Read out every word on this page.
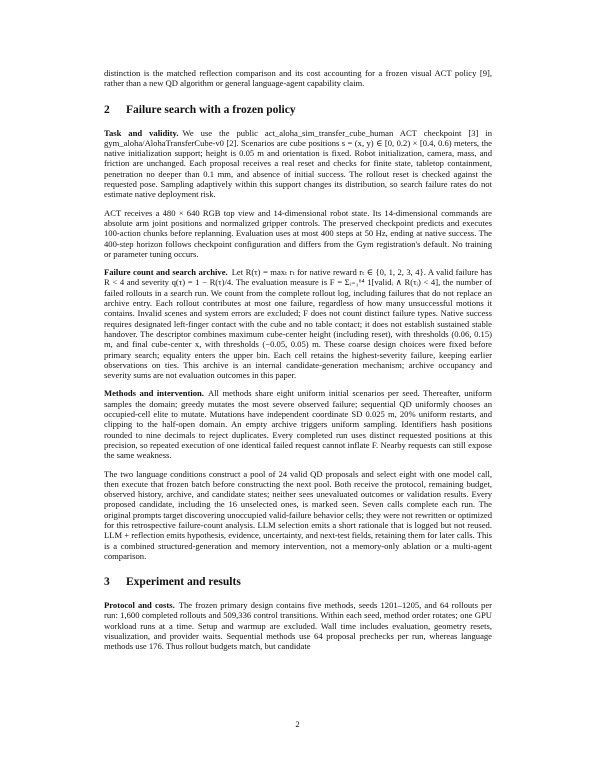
distinction is the matched reflection comparison and its cost accounting for a frozen visual ACT policy [9], rather than a new QD algorithm or general language-agent capability claim.

2 Failure search with a frozen policy

Task and validity. We use the public act_aloha_sim_transfer_cube_human ACT checkpoint [3] in gym_aloha/AlohaTransferCube-v0 [2]. Scenarios are cube positions s = (x, y) ∈ [0, 0.2) × [0.4, 0.6) meters, the native initialization support; height is 0.05 m and orientation is fixed. Robot initialization, camera, mass, and friction are unchanged. Each proposal receives a real reset and checks for finite state, tabletop containment, penetration no deeper than 0.1 mm, and absence of initial success. The rollout reset is checked against the requested pose. Sampling adaptively within this support changes its distribution, so search failure rates do not estimate native deployment risk.

ACT receives a 480 × 640 RGB top view and 14-dimensional robot state. Its 14-dimensional commands are absolute arm joint positions and normalized gripper controls. The preserved checkpoint predicts and executes 100-action chunks before replanning. Evaluation uses at most 400 steps at 50 Hz, ending at native success. The 400-step horizon follows checkpoint configuration and differs from the Gym registration's default. No training or parameter tuning occurs.

Failure count and search archive. Let R(τ) = maxₜ rₜ for native reward rₜ ∈ {0, 1, 2, 3, 4}. A valid failure has R < 4 and severity q(τ) = 1 − R(τ)/4. The evaluation measure is F = Σᵢ₌₁⁶⁴ 1[validᵢ ∧ R(τᵢ) < 4], the number of failed rollouts in a search run. We count from the complete rollout log, including failures that do not replace an archive entry. Each rollout contributes at most one failure, regardless of how many unsuccessful motions it contains. Invalid scenes and system errors are excluded; F does not count distinct failure types. Native success requires designated left-finger contact with the cube and no table contact; it does not establish sustained stable handover. The descriptor combines maximum cube-center height (including reset), with thresholds (0.06, 0.15) m, and final cube-center x, with thresholds (−0.05, 0.05) m. These coarse design choices were fixed before primary search; equality enters the upper bin. Each cell retains the highest-severity failure, keeping earlier observations on ties. This archive is an internal candidate-generation mechanism; archive occupancy and severity sums are not evaluation outcomes in this paper.

Methods and intervention. All methods share eight uniform initial scenarios per seed. Thereafter, uniform samples the domain; greedy mutates the most severe observed failure; sequential QD uniformly chooses an occupied-cell elite to mutate. Mutations have independent coordinate SD 0.025 m, 20% uniform restarts, and clipping to the half-open domain. An empty archive triggers uniform sampling. Identifiers hash positions rounded to nine decimals to reject duplicates. Every completed run uses distinct requested positions at this precision, so repeated execution of one identical failed request cannot inflate F. Nearby requests can still expose the same weakness.

The two language conditions construct a pool of 24 valid QD proposals and select eight with one model call, then execute that frozen batch before constructing the next pool. Both receive the protocol, remaining budget, observed history, archive, and candidate states; neither sees unevaluated outcomes or validation results. Every proposed candidate, including the 16 unselected ones, is marked seen. Seven calls complete each run. The original prompts target discovering unoccupied valid-failure behavior cells; they were not rewritten or optimized for this retrospective failure-count analysis. LLM selection emits a short rationale that is logged but not reused. LLM + reflection emits hypothesis, evidence, uncertainty, and next-test fields, retaining them for later calls. This is a combined structured-generation and memory intervention, not a memory-only ablation or a multi-agent comparison.

3 Experiment and results

Protocol and costs. The frozen primary design contains five methods, seeds 1201–1205, and 64 rollouts per run: 1,600 completed rollouts and 509,336 control transitions. Within each seed, method order rotates; one GPU workload runs at a time. Setup and warmup are excluded. Wall time includes evaluation, geometry resets, visualization, and provider waits. Sequential methods use 64 proposal prechecks per run, whereas language methods use 176. Thus rollout budgets match, but candidate

2
